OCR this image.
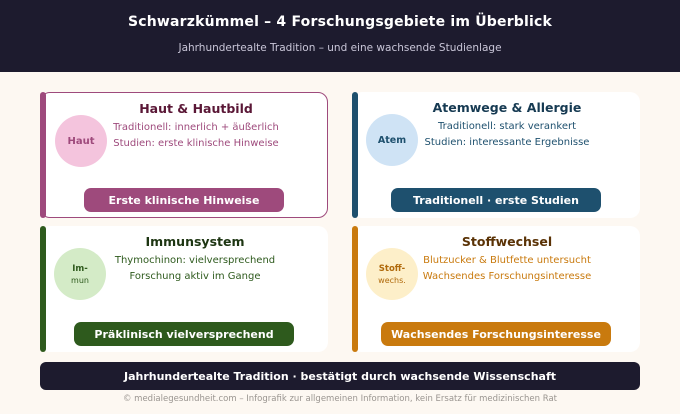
Schwarzkümmel – 4 Forschungsgebiete im Überblick
Jahrhundertealte Tradition – und eine wachsende Studienlage
Haut
Haut & Hautbild
Traditionell: innerlich + äußerlich
Studien: erste klinische Hinweise
Erste klinische Hinweise
Atem
Atemwege & Allergie
Traditionell: stark verankert
Studien: interessante Ergebnisse
Traditionell · erste Studien
Im-
mun
Immunsystem
Thymochinon: vielversprechend
Forschung aktiv im Gange
Präklinisch vielversprechend
Stoff-
wechs.
Stoffwechsel
Blutzucker & Blutfette untersucht
Wachsendes Forschungsinteresse
Wachsendes Forschungsinteresse
Jahrhundertealte Tradition · bestätigt durch wachsende Wissenschaft
© medialegesundheit.com – Infografik zur allgemeinen Information, kein Ersatz für medizinischen Rat
